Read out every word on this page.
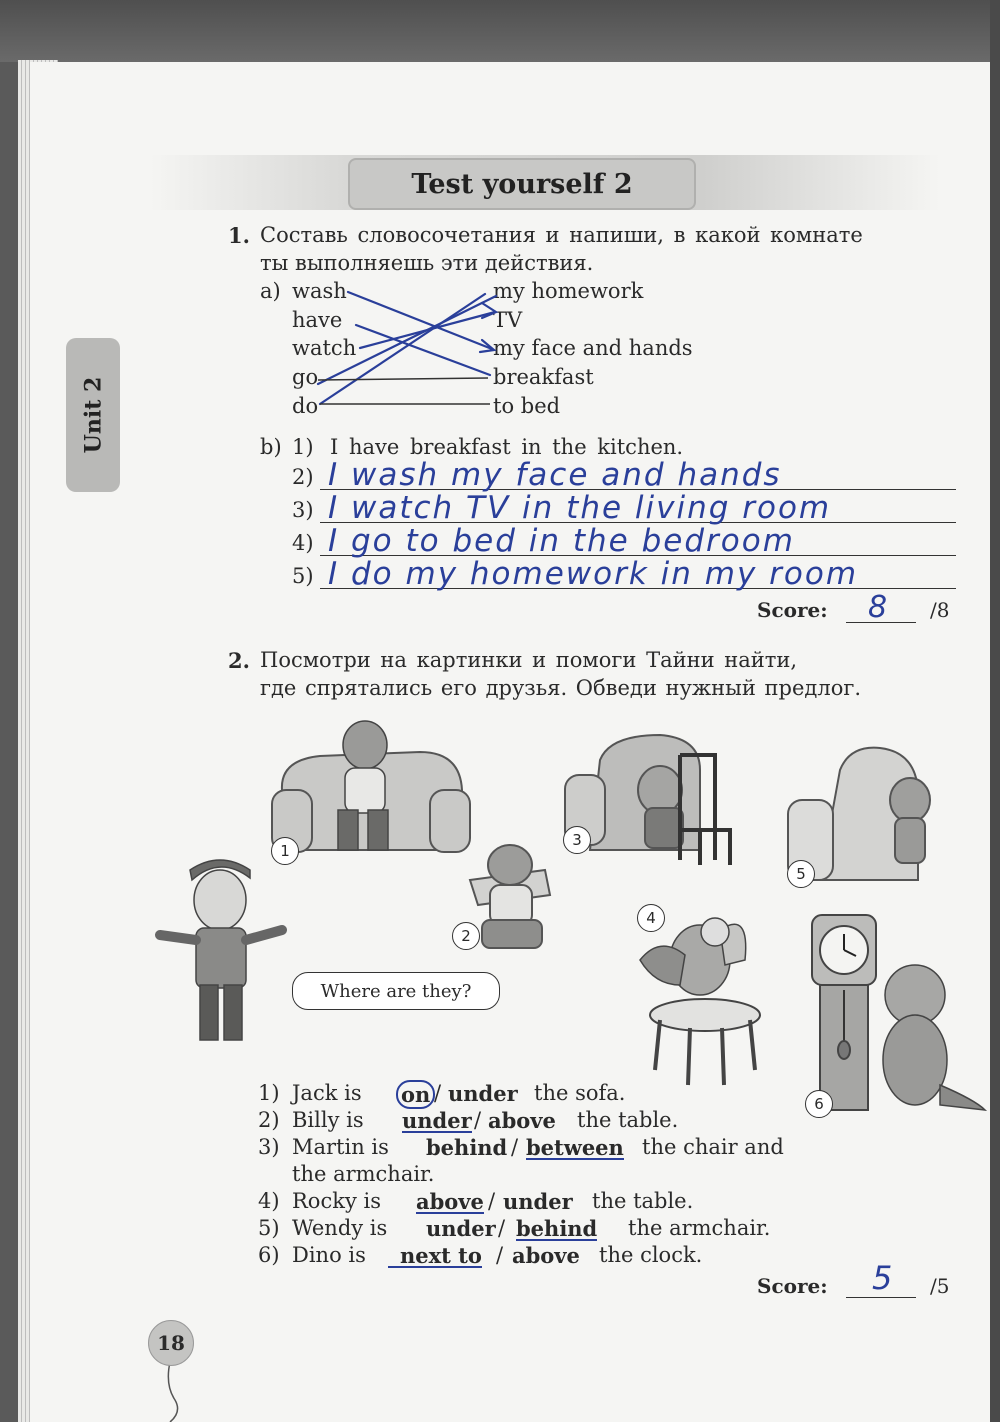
Test yourself 2
Unit 2
1. Составь словосочетания и напиши, в какой комнате
ты выполняешь эти действия.
a) wash
have
watch
go
do
my homework
TV
my face and hands
breakfast
to bed
b) 1) I have breakfast in the kitchen.
2)
3)
4)
5)
I wash my face and hands
I watch TV in the living room
I go to bed in the bedroom
I do my homework in my room
Score: 8 /8
2. Посмотри на картинки и помоги Тайни найти,
где спрятались его друзья. Обведи нужный предлог.
1
2
3
4
5
6
Where are they?
1) Jack is on / under the sofa.
2) Billy is under / above the table.
3) Martin is behind / between the chair and
the armchair.
4) Rocky is above / under the table.
5) Wendy is under / behind the armchair.
6) Dino is	next to / above the clock.
Score: 5 /5
18
